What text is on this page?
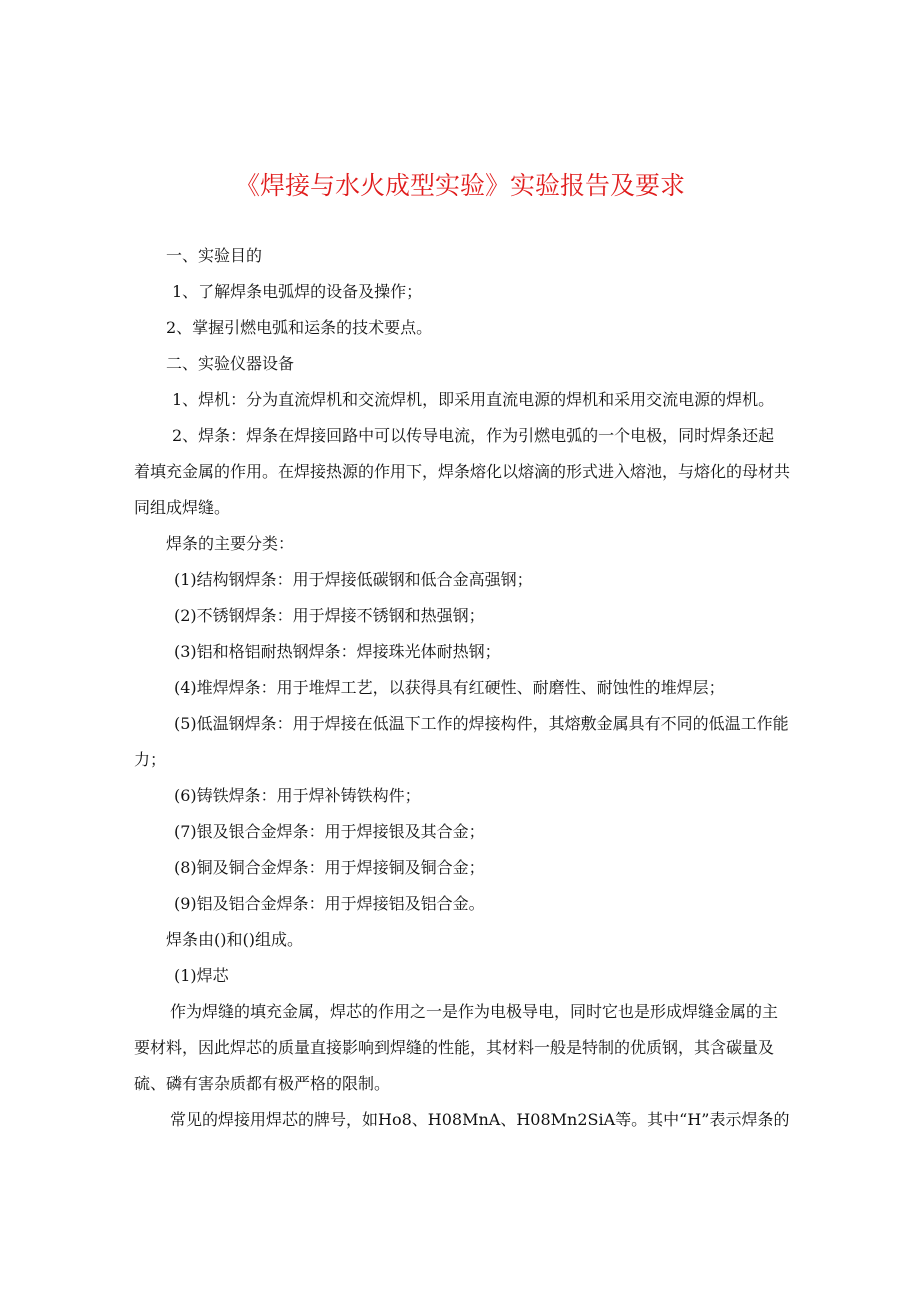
《焊接与水火成型实验》实验报告及要求

一、实验目的

1、了解焊条电弧焊的设备及操作；

2、掌握引燃电弧和运条的技术要点。

二、实验仪器设备

1、焊机：分为直流焊机和交流焊机，即采用直流电源的焊机和采用交流电源的焊机。

2、焊条：焊条在焊接回路中可以传导电流，作为引燃电弧的一个电极，同时焊条还起着填充金属的作用。在焊接热源的作用下，焊条熔化以熔滴的形式进入熔池，与熔化的母材共同组成焊缝。

焊条的主要分类：

(1)结构钢焊条：用于焊接低碳钢和低合金高强钢；

(2)不锈钢焊条：用于焊接不锈钢和热强钢；

(3)铝和格铝耐热钢焊条：焊接珠光体耐热钢；

(4)堆焊焊条：用于堆焊工艺，以获得具有红硬性、耐磨性、耐蚀性的堆焊层；

(5)低温钢焊条：用于焊接在低温下工作的焊接构件，其熔敷金属具有不同的低温工作能力；

(6)铸铁焊条：用于焊补铸铁构件；

(7)银及银合金焊条：用于焊接银及其合金；

(8)铜及铜合金焊条：用于焊接铜及铜合金；

(9)铝及铝合金焊条：用于焊接铝及铝合金。

焊条由()和()组成。

(1)焊芯

作为焊缝的填充金属，焊芯的作用之一是作为电极导电，同时它也是形成焊缝金属的主要材料，因此焊芯的质量直接影响到焊缝的性能，其材料一般是特制的优质钢，其含碳量及硫、磷有害杂质都有极严格的限制。

常见的焊接用焊芯的牌号，如Ho8、H08MnA、H08Mn2SiA等。其中“H”表示焊条的
